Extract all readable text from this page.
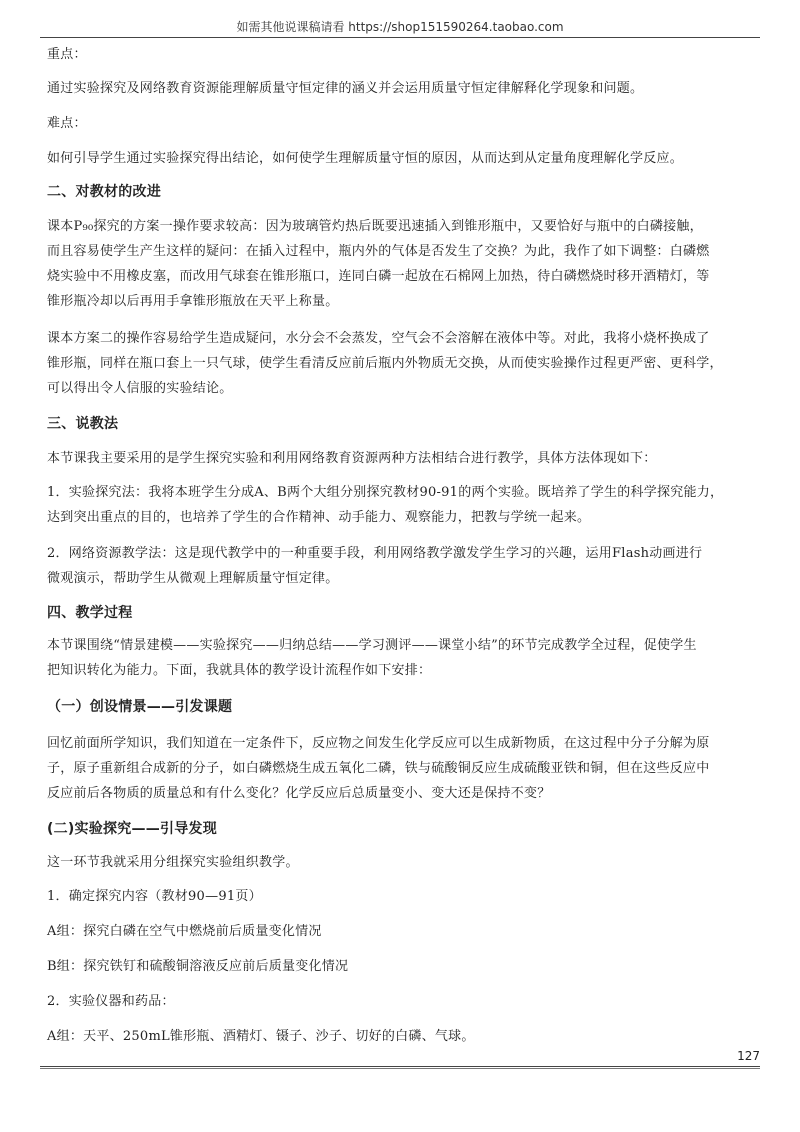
如需其他说课稿请看 https://shop151590264.taobao.com

重点：

通过实验探究及网络教育资源能理解质量守恒定律的涵义并会运用质量守恒定律解释化学现象和问题。

难点：

如何引导学生通过实验探究得出结论，如何使学生理解质量守恒的原因，从而达到从定量角度理解化学反应。

二、对教材的改进

课本P₉₀探究的方案一操作要求较高：因为玻璃管灼热后既要迅速插入到锥形瓶中，又要恰好与瓶中的白磷接触，
而且容易使学生产生这样的疑问：在插入过程中，瓶内外的气体是否发生了交换？为此，我作了如下调整：白磷燃
烧实验中不用橡皮塞，而改用气球套在锥形瓶口，连同白磷一起放在石棉网上加热，待白磷燃烧时移开酒精灯，等
锥形瓶冷却以后再用手拿锥形瓶放在天平上称量。

课本方案二的操作容易给学生造成疑问，水分会不会蒸发，空气会不会溶解在液体中等。对此，我将小烧杯换成了
锥形瓶，同样在瓶口套上一只气球，使学生看清反应前后瓶内外物质无交换，从而使实验操作过程更严密、更科学，
可以得出令人信服的实验结论。

三、说教法

本节课我主要采用的是学生探究实验和利用网络教育资源两种方法相结合进行教学，具体方法体现如下：

1．实验探究法：我将本班学生分成A、B两个大组分别探究教材90-91的两个实验。既培养了学生的科学探究能力，
达到突出重点的目的，也培养了学生的合作精神、动手能力、观察能力，把教与学统一起来。

2．网络资源教学法：这是现代教学中的一种重要手段，利用网络教学激发学生学习的兴趣，运用Flash动画进行
微观演示，帮助学生从微观上理解质量守恒定律。

四、教学过程

本节课围绕“情景建模——实验探究——归纳总结——学习测评——课堂小结”的环节完成教学全过程，促使学生
把知识转化为能力。下面，我就具体的教学设计流程作如下安排：

（一）创设情景——引发课题

回忆前面所学知识，我们知道在一定条件下，反应物之间发生化学反应可以生成新物质，在这过程中分子分解为原
子，原子重新组合成新的分子，如白磷燃烧生成五氧化二磷，铁与硫酸铜反应生成硫酸亚铁和铜，但在这些反应中
反应前后各物质的质量总和有什么变化？化学反应后总质量变小、变大还是保持不变？

(二)实验探究——引导发现

这一环节我就采用分组探究实验组织教学。

1．确定探究内容（教材90—91页）

A组：探究白磷在空气中燃烧前后质量变化情况

B组：探究铁钉和硫酸铜溶液反应前后质量变化情况

2．实验仪器和药品：

A组：天平、250mL锥形瓶、酒精灯、镊子、沙子、切好的白磷、气球。

127
